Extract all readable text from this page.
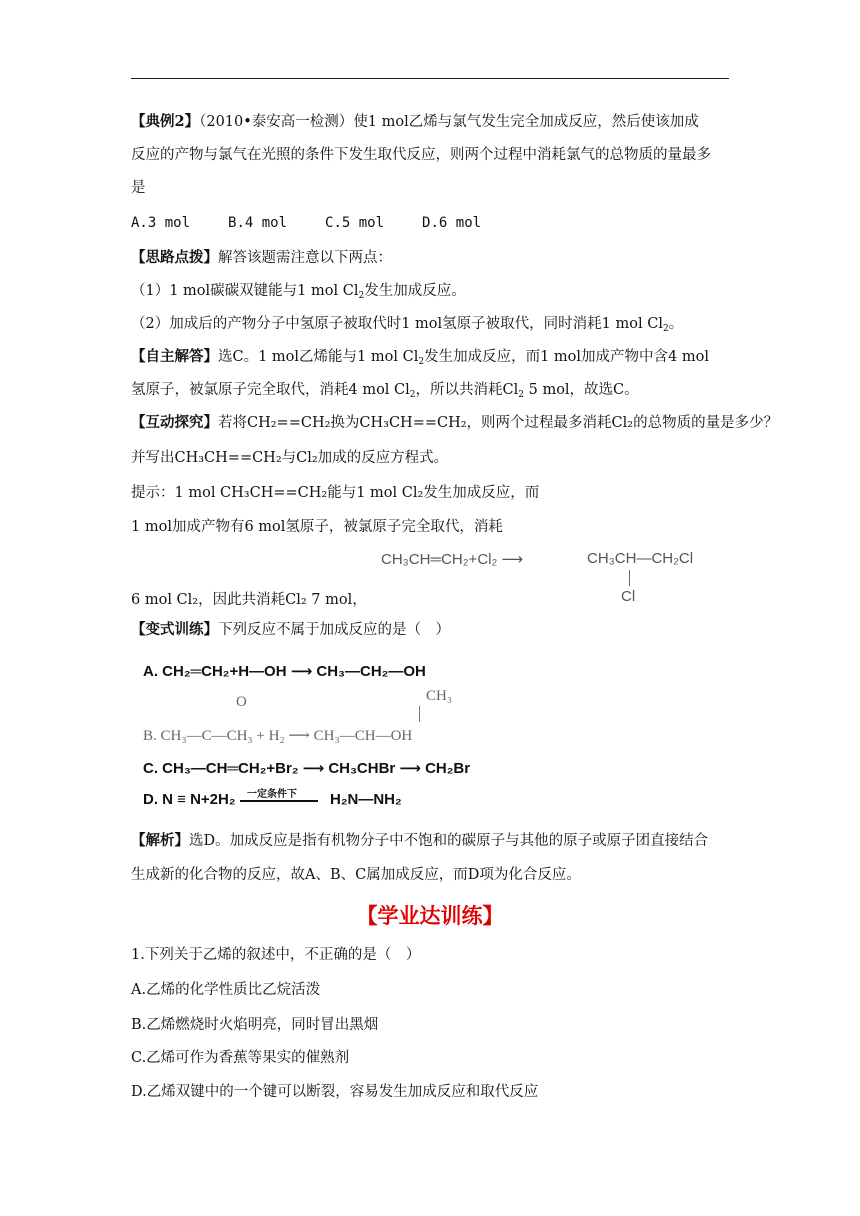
【典例2】（2010•泰安高一检测）使1 mol乙烯与氯气发生完全加成反应，然后使该加成
反应的产物与氯气在光照的条件下发生取代反应，则两个过程中消耗氯气的总物质的量最多
是
A.3 mol	B.4 mol	C.5 mol	D.6 mol
【思路点拨】解答该题需注意以下两点：
（1）1 mol碳碳双键能与1 mol $Cl_2$发生加成反应。
（2）加成后的产物分子中氢原子被取代时1 mol氢原子被取代，同时消耗1 mol $Cl_2$。
【自主解答】选C。1 mol乙烯能与1 mol $Cl_2$发生加成反应，而1 mol加成产物中含4 mol
氢原子，被氯原子完全取代，消耗4 mol $Cl_2$，所以共消耗$Cl_2$ 5 mol，故选C。
【互动探究】若将CH₂==CH₂换为CH₃CH==CH₂，则两个过程最多消耗Cl₂的总物质的量是多少？
并写出CH₃CH==CH₂与Cl₂加成的反应方程式。
提示：1 mol CH₃CH==CH₂能与1 mol Cl₂发生加成反应，而
1 mol加成产物有6 mol氢原子，被氯原子完全取代，消耗
CH₃CH═CH₂+Cl₂ ⟶	CH₃CH—CH₂Cl
Cl
6 mol Cl₂，因此共消耗Cl₂ 7 mol，
【变式训练】下列反应不属于加成反应的是（　）
A. CH₂═CH₂+H—OH ⟶ CH₃—CH₂—OH
O	CH₃
B. CH₃—C—CH₃ + H₂ ⟶ CH₃—CH—OH
C. CH₃—CH═CH₂+Br₂ ⟶ CH₃CHBr ⟶ CH₂Br
D. N ≡ N+2H₂ 一定条件下 H₂N—NH₂
【解析】选D。加成反应是指有机物分子中不饱和的碳原子与其他的原子或原子团直接结合
生成新的化合物的反应，故A、B、C属加成反应，而D项为化合反应。
【学业达训练】
1.下列关于乙烯的叙述中，不正确的是（　）
A.乙烯的化学性质比乙烷活泼
B.乙烯燃烧时火焰明亮，同时冒出黑烟
C.乙烯可作为香蕉等果实的催熟剂
D.乙烯双键中的一个键可以断裂，容易发生加成反应和取代反应
